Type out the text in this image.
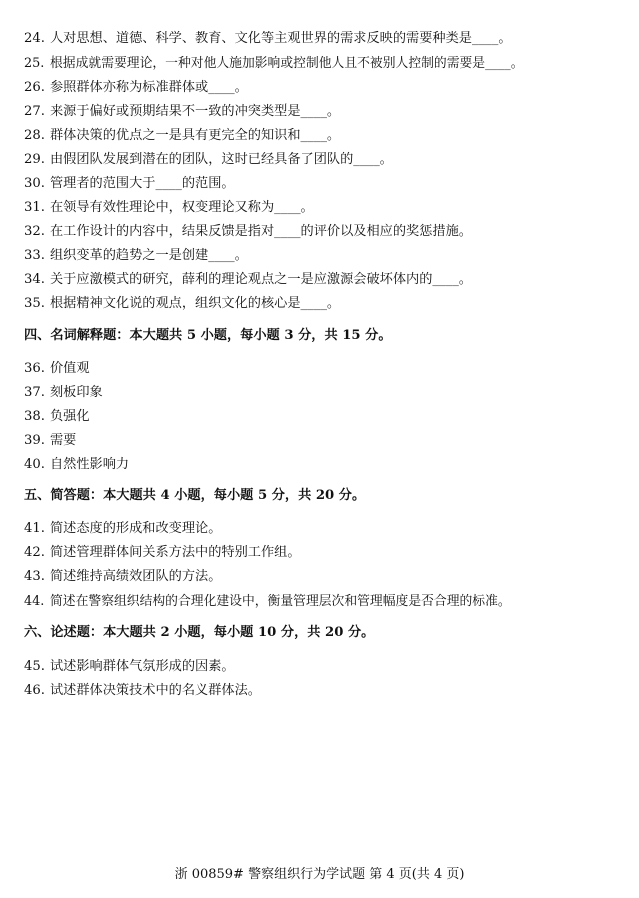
24. 人对思想、道德、科学、教育、文化等主观世界的需求反映的需要种类是____。
25. 根据成就需要理论，一种对他人施加影响或控制他人且不被别人控制的需要是____。
26. 参照群体亦称为标准群体或____。
27. 来源于偏好或预期结果不一致的冲突类型是____。
28. 群体决策的优点之一是具有更完全的知识和____。
29. 由假团队发展到潜在的团队，这时已经具备了团队的____。
30. 管理者的范围大于____的范围。
31. 在领导有效性理论中，权变理论又称为____。
32. 在工作设计的内容中，结果反馈是指对____的评价以及相应的奖惩措施。
33. 组织变革的趋势之一是创建____。
34. 关于应激模式的研究，薛利的理论观点之一是应激源会破坏体内的____。
35. 根据精神文化说的观点，组织文化的核心是____。
四、名词解释题：本大题共 5 小题，每小题 3 分，共 15 分。
36. 价值观
37. 刻板印象
38. 负强化
39. 需要
40. 自然性影响力
五、简答题：本大题共 4 小题，每小题 5 分，共 20 分。
41. 简述态度的形成和改变理论。
42. 简述管理群体间关系方法中的特别工作组。
43. 简述维持高绩效团队的方法。
44. 简述在警察组织结构的合理化建设中，衡量管理层次和管理幅度是否合理的标准。
六、论述题：本大题共 2 小题，每小题 10 分，共 20 分。
45. 试述影响群体气氛形成的因素。
46. 试述群体决策技术中的名义群体法。
浙 00859# 警察组织行为学试题 第 4 页(共 4 页)
